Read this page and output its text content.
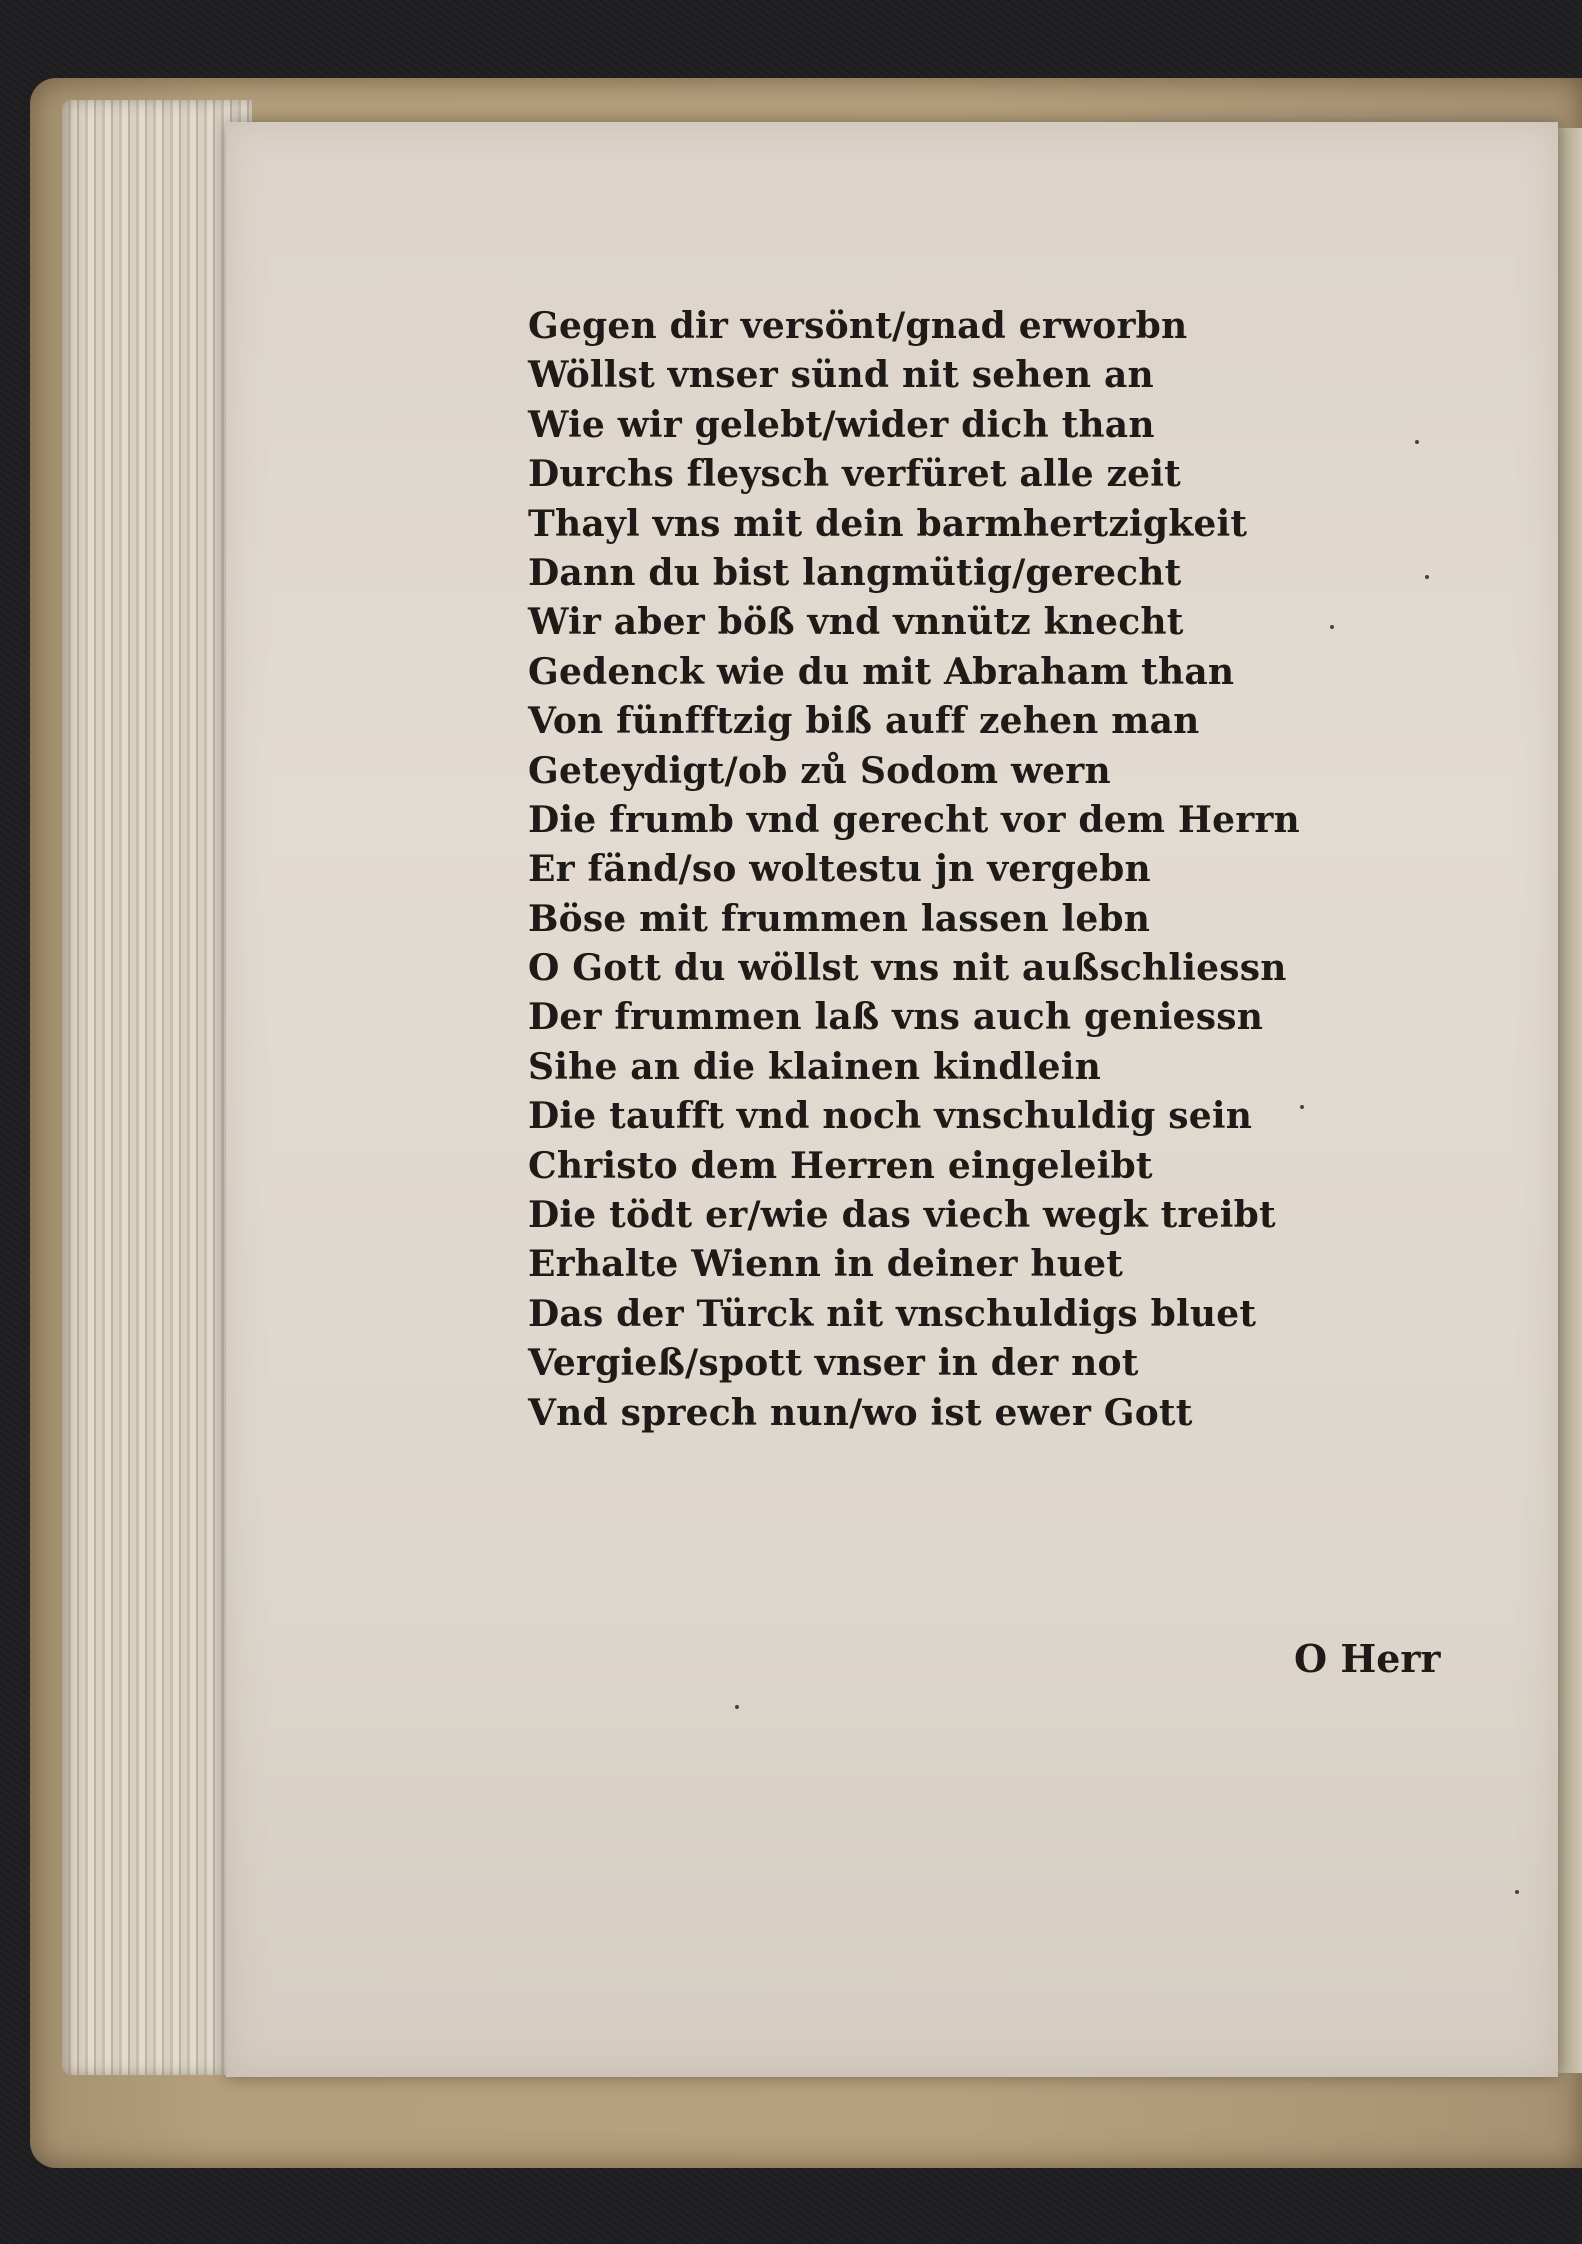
Gegen dir versönt/gnad erworbn
Wöllst vnser sünd nit sehen an
Wie wir gelebt/wider dich than
Durchs fleysch verfüret alle zeit
Thayl vns mit dein barmhertzigkeit
Dann du bist langmütig/gerecht
Wir aber böß vnd vnnütz knecht
Gedenck wie du mit Abraham than
Von fünfftzig biß auff zehen man
Geteydigt/ob zů Sodom wern
Die frumb vnd gerecht vor dem Herrn
Er fänd/so woltestu jn vergebn
Böse mit frummen lassen lebn
O Gott du wöllst vns nit außschliessn
Der frummen laß vns auch geniessn
Sihe an die klainen kindlein
Die taufft vnd noch vnschuldig sein
Christo dem Herren eingeleibt
Die tödt er/wie das viech wegk treibt
Erhalte Wienn in deiner huet
Das der Türck nit vnschuldigs bluet
Vergieß/spott vnser in der not
Vnd sprech nun/wo ist ewer Gott
O Herr
